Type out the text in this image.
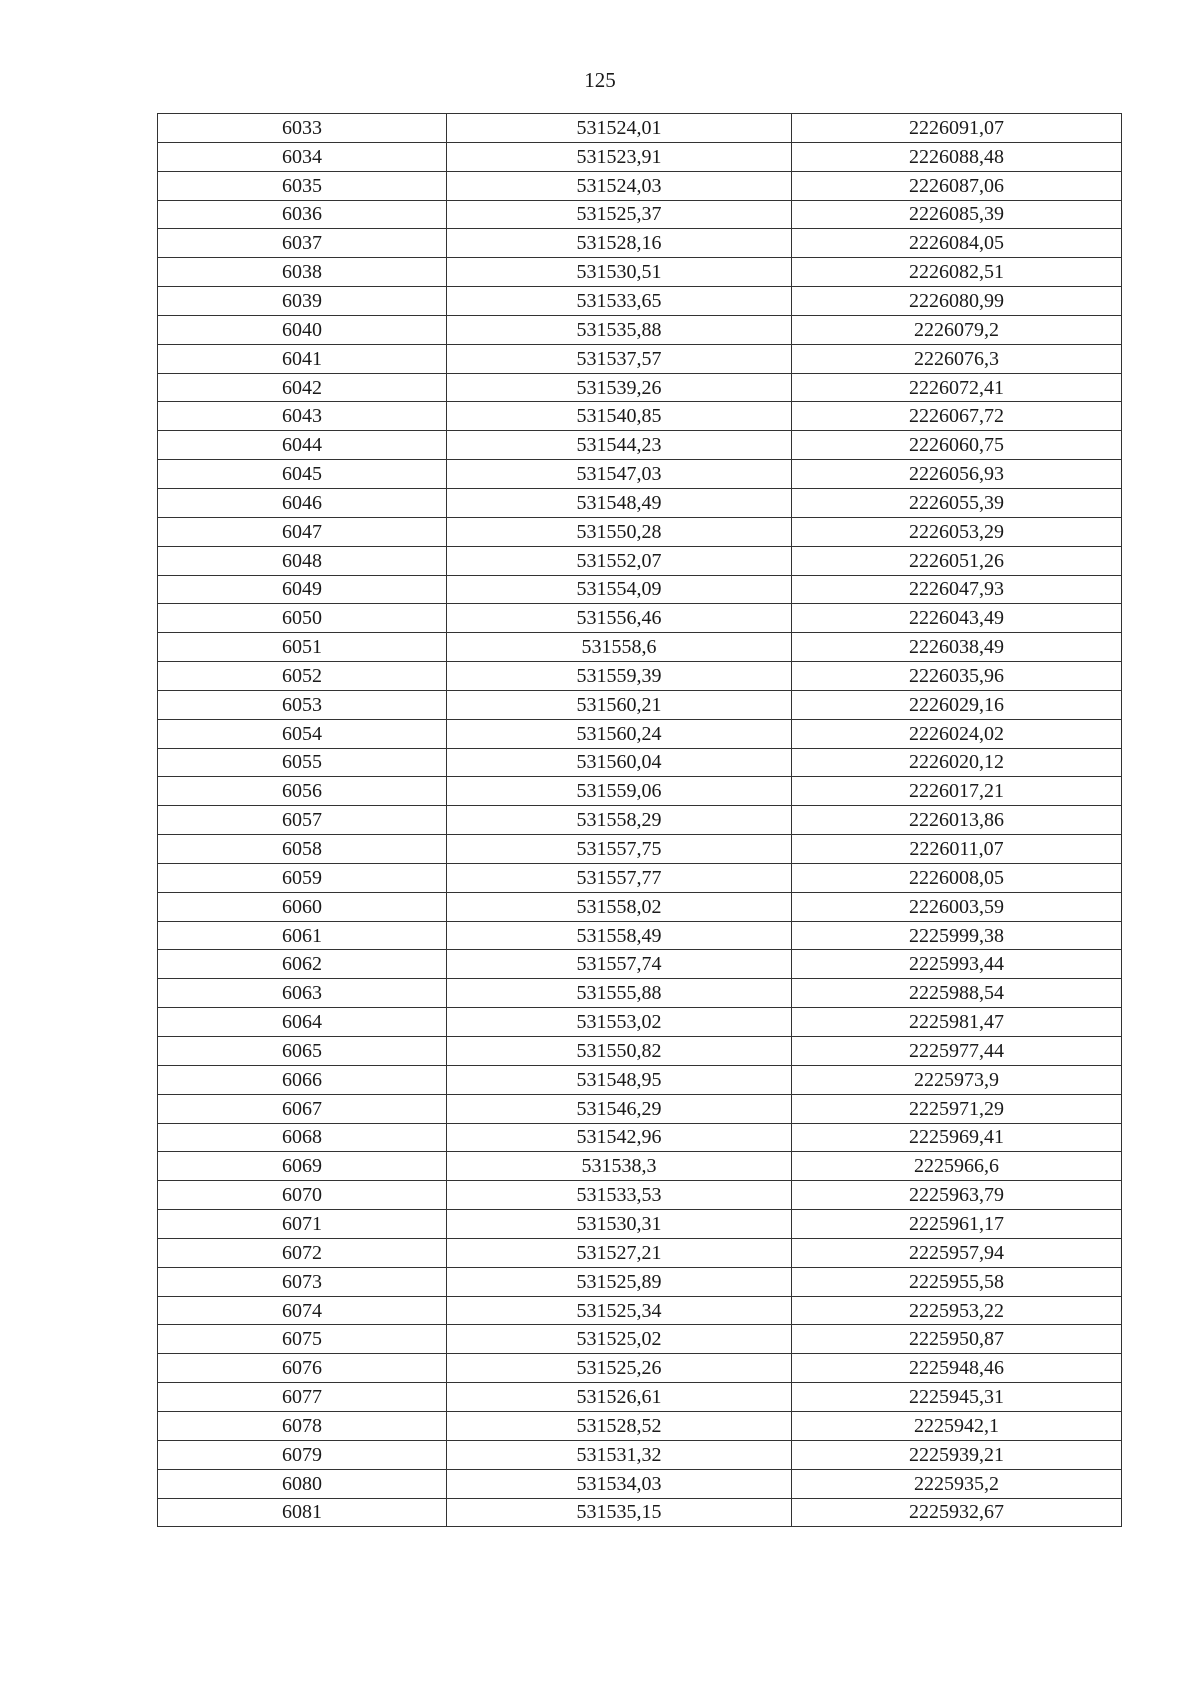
125
6033	531524,01	2226091,07
6034	531523,91	2226088,48
6035	531524,03	2226087,06
6036	531525,37	2226085,39
6037	531528,16	2226084,05
6038	531530,51	2226082,51
6039	531533,65	2226080,99
6040	531535,88	2226079,2
6041	531537,57	2226076,3
6042	531539,26	2226072,41
6043	531540,85	2226067,72
6044	531544,23	2226060,75
6045	531547,03	2226056,93
6046	531548,49	2226055,39
6047	531550,28	2226053,29
6048	531552,07	2226051,26
6049	531554,09	2226047,93
6050	531556,46	2226043,49
6051	531558,6	2226038,49
6052	531559,39	2226035,96
6053	531560,21	2226029,16
6054	531560,24	2226024,02
6055	531560,04	2226020,12
6056	531559,06	2226017,21
6057	531558,29	2226013,86
6058	531557,75	2226011,07
6059	531557,77	2226008,05
6060	531558,02	2226003,59
6061	531558,49	2225999,38
6062	531557,74	2225993,44
6063	531555,88	2225988,54
6064	531553,02	2225981,47
6065	531550,82	2225977,44
6066	531548,95	2225973,9
6067	531546,29	2225971,29
6068	531542,96	2225969,41
6069	531538,3	2225966,6
6070	531533,53	2225963,79
6071	531530,31	2225961,17
6072	531527,21	2225957,94
6073	531525,89	2225955,58
6074	531525,34	2225953,22
6075	531525,02	2225950,87
6076	531525,26	2225948,46
6077	531526,61	2225945,31
6078	531528,52	2225942,1
6079	531531,32	2225939,21
6080	531534,03	2225935,2
6081	531535,15	2225932,67
